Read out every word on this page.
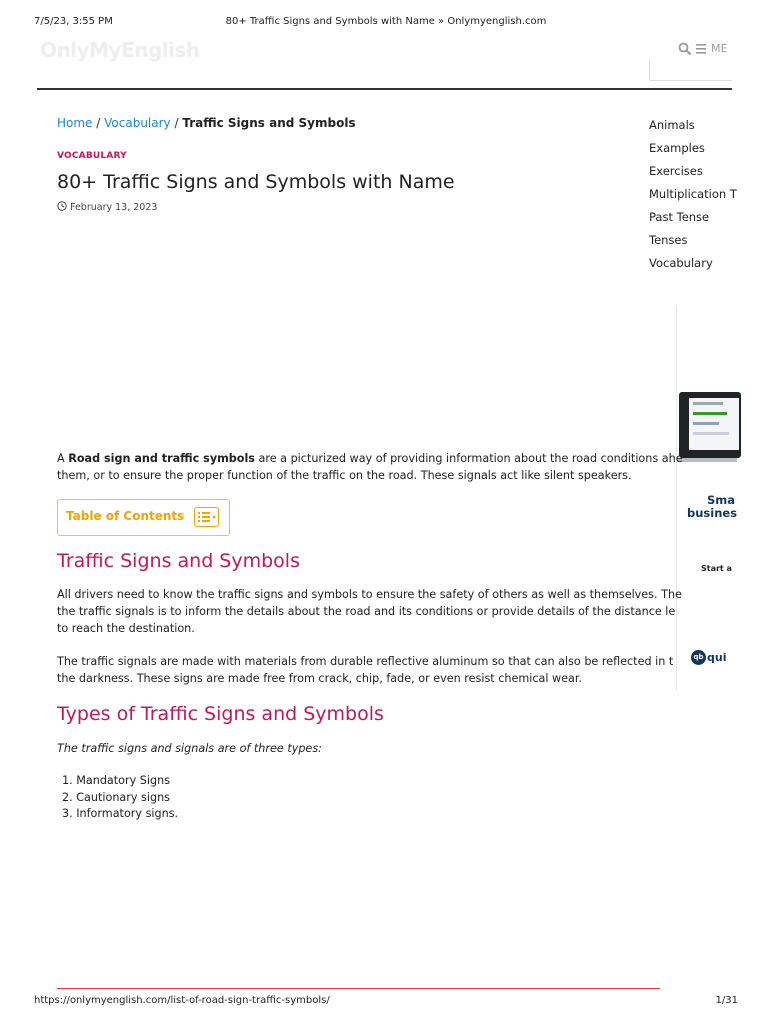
7/5/23, 3:55 PM	80+ Traffic Signs and Symbols with Name » Onlymyenglish.com
OnlyMyEnglish	ME
Home / Vocabulary / Traffic Signs and Symbols
VOCABULARY
80+ Traffic Signs and Symbols with Name
February 13, 2023
Animals
Examples
Exercises
Multiplication T
Past Tense
Tenses
Vocabulary
Sma
busines
Start a
qb qui
A Road sign and traffic symbols are a picturized way of providing information about the road conditions ahe
them, or to ensure the proper function of the traffic on the road. These signals act like silent speakers.
Table of Contents
Traffic Signs and Symbols
All drivers need to know the traffic signs and symbols to ensure the safety of others as well as themselves. The
the traffic signals is to inform the details about the road and its conditions or provide details of the distance le
to reach the destination.
The traffic signals are made with materials from durable reflective aluminum so that can also be reflected in t
the darkness. These signs are made free from crack, chip, fade, or even resist chemical wear.
Types of Traffic Signs and Symbols
The traffic signs and signals are of three types:
1. Mandatory Signs
2. Cautionary signs
3. Informatory signs.
https://onlymyenglish.com/list-of-road-sign-traffic-symbols/	1/31
